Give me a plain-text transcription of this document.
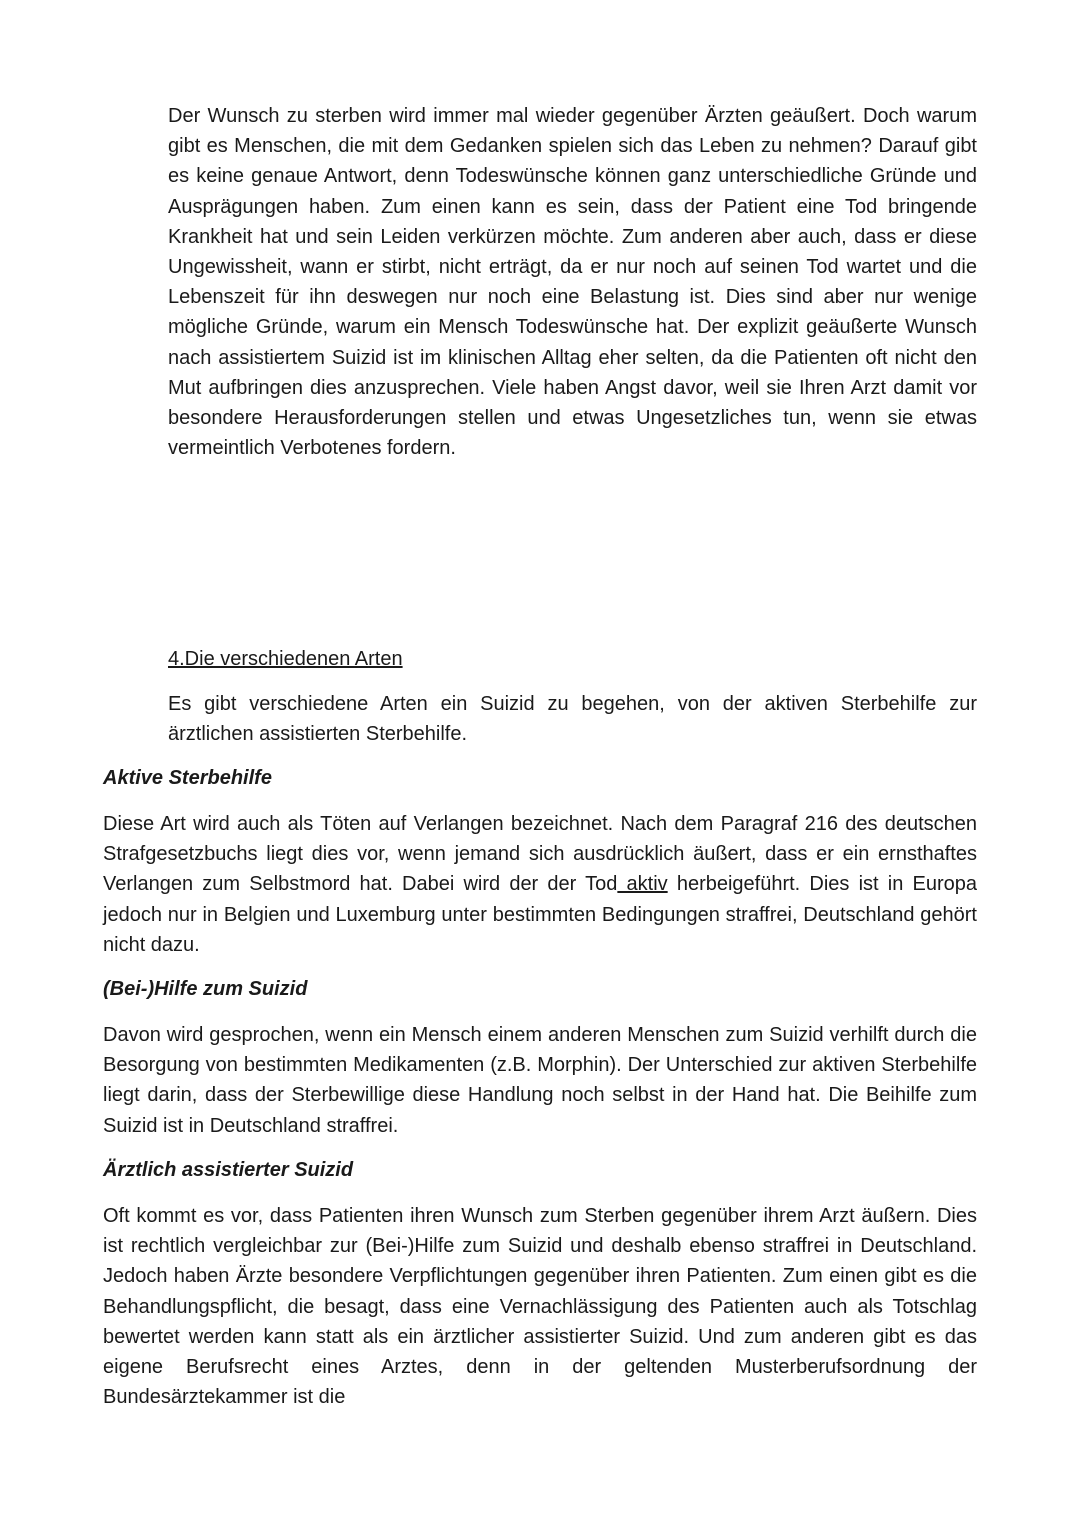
Der Wunsch zu sterben wird immer mal wieder gegenüber Ärzten geäußert. Doch warum gibt es Menschen, die mit dem Gedanken spielen sich das Leben zu nehmen? Darauf gibt es keine genaue Antwort, denn Todeswünsche können ganz unterschiedliche Gründe und Ausprägungen haben. Zum einen kann es sein, dass der Patient eine Tod bringende Krankheit hat und sein Leiden verkürzen möchte. Zum anderen aber auch, dass er diese Ungewissheit, wann er stirbt, nicht erträgt, da er nur noch auf seinen Tod wartet und die Lebenszeit für ihn deswegen nur noch eine Belastung ist. Dies sind aber nur wenige mögliche Gründe, warum ein Mensch Todeswünsche hat. Der explizit geäußerte Wunsch nach assistiertem Suizid ist im klinischen Alltag eher selten, da die Patienten oft nicht den Mut aufbringen dies anzusprechen. Viele haben Angst davor, weil sie Ihren Arzt damit vor besondere Herausforderungen stellen und etwas Ungesetzliches tun, wenn sie etwas vermeintlich Verbotenes fordern.

4.Die verschiedenen Arten

Es gibt verschiedene Arten ein Suizid zu begehen, von der aktiven Sterbehilfe zur ärztlichen assistierten Sterbehilfe.

Aktive Sterbehilfe

Diese Art wird auch als Töten auf Verlangen bezeichnet. Nach dem Paragraf 216 des deutschen Strafgesetzbuchs liegt dies vor, wenn jemand sich ausdrücklich äußert, dass er ein ernsthaftes Verlangen zum Selbstmord hat. Dabei wird der der Tod aktiv herbeigeführt. Dies ist in Europa jedoch nur in Belgien und Luxemburg unter bestimmten Bedingungen straffrei, Deutschland gehört nicht dazu.

(Bei-)Hilfe zum Suizid

Davon wird gesprochen, wenn ein Mensch einem anderen Menschen zum Suizid verhilft durch die Besorgung von bestimmten Medikamenten (z.B. Morphin). Der Unterschied zur aktiven Sterbehilfe liegt darin, dass der Sterbewillige diese Handlung noch selbst in der Hand hat. Die Beihilfe zum Suizid ist in Deutschland straffrei.

Ärztlich assistierter Suizid

Oft kommt es vor, dass Patienten ihren Wunsch zum Sterben gegenüber ihrem Arzt äußern. Dies ist rechtlich vergleichbar zur (Bei-)Hilfe zum Suizid und deshalb ebenso straffrei in Deutschland. Jedoch haben Ärzte besondere Verpflichtungen gegenüber ihren Patienten. Zum einen gibt es die Behandlungspflicht, die besagt, dass eine Vernachlässigung des Patienten auch als Totschlag bewertet werden kann statt als ein ärztlicher assistierter Suizid. Und zum anderen gibt es das eigene Berufsrecht eines Arztes, denn in der geltenden Musterberufsordnung der Bundesärztekammer ist die
